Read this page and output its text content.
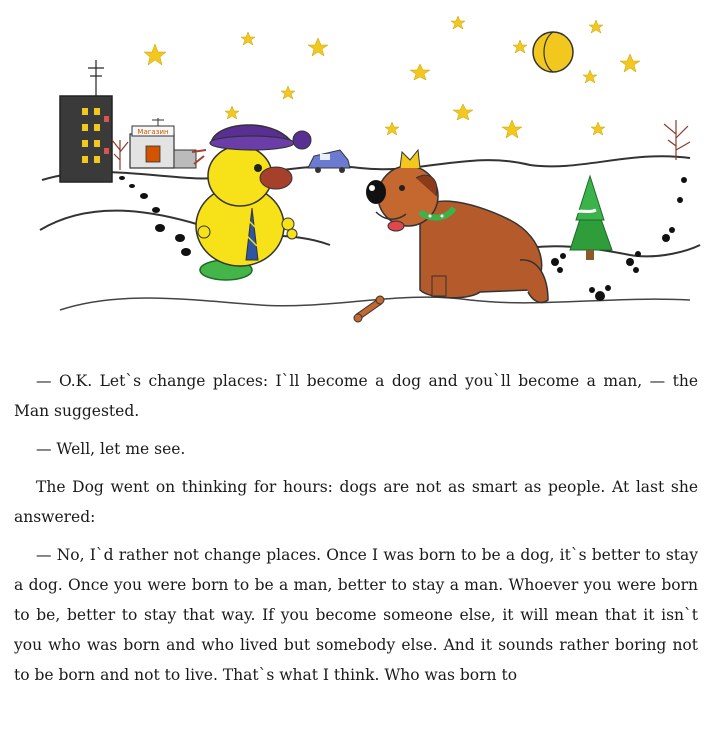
Магазин

— O.K. Let`s change places: I`ll become a dog and you`ll become a man, — the Man suggested.

— Well, let me see.

The Dog went on thinking for hours: dogs are not as smart as people. At last she answered:

— No, I`d rather not change places. Once I was born to be a dog, it`s better to stay a dog. Once you were born to be a man, better to stay a man. Whoever you were born to be, better to stay that way. If you become someone else, it will mean that it isn`t you who was born and who lived but somebody else. And it sounds rather boring not to be born and not to live. That`s what I think. Who was born to
